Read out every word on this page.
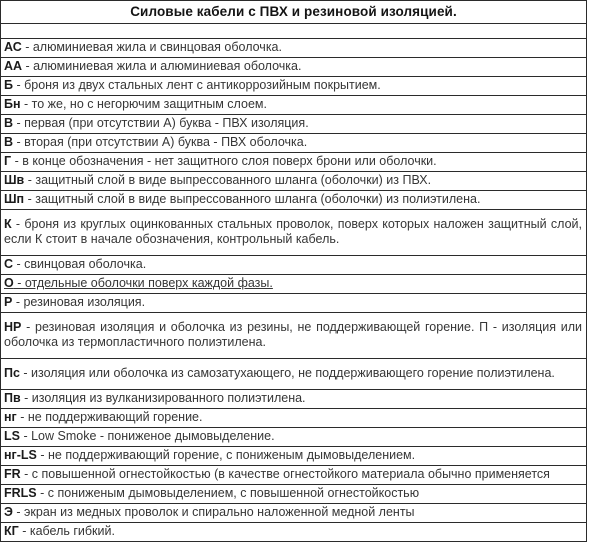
Силовые кабели с ПВХ и резиновой изоляцией.
АС - алюминиевая жила и свинцовая оболочка.
АА - алюминиевая жила и алюминиевая оболочка.
Б - броня из двух стальных лент с антикоррозийным покрытием.
Бн - то же, но с негорючим защитным слоем.
В - первая (при отсутствии А) буква - ПВХ изоляция.
В - вторая (при отсутствии А) буква - ПВХ оболочка.
Г - в конце обозначения - нет защитного слоя поверх брони или оболочки.
Шв - защитный слой в виде выпрессованного шланга (оболочки) из ПВХ.
Шп - защитный слой в виде выпрессованного шланга (оболочки) из полиэтилена.
К - броня из круглых оцинкованных стальных проволок, поверх которых наложен защитный слой, если К стоит в начале обозначения, контрольный кабель.
С - свинцовая оболочка.
О - отдельные оболочки поверх каждой фазы.
Р - резиновая изоляция.
НР - резиновая изоляция и оболочка из резины, не поддерживающей горение. П - изоляция или оболочка из термопластичного полиэтилена.
Пс - изоляция или оболочка из самозатухающего, не поддерживающего горение полиэтилена.
Пв - изоляция из вулканизированного полиэтилена.
нг - не поддерживающий горение.
LS - Low Smoke - пониженое дымовыделение.
нг-LS - не поддерживающий горение, с пониженым дымовыделением.
FR - с повышенной огнестойкостью (в качестве огнестойкого материала обычно применяется
FRLS - с пониженым дымовыделением, с повышенной огнестойкостью
Э - экран из медных проволок и спирально наложенной медной ленты
КГ - кабель гибкий.
